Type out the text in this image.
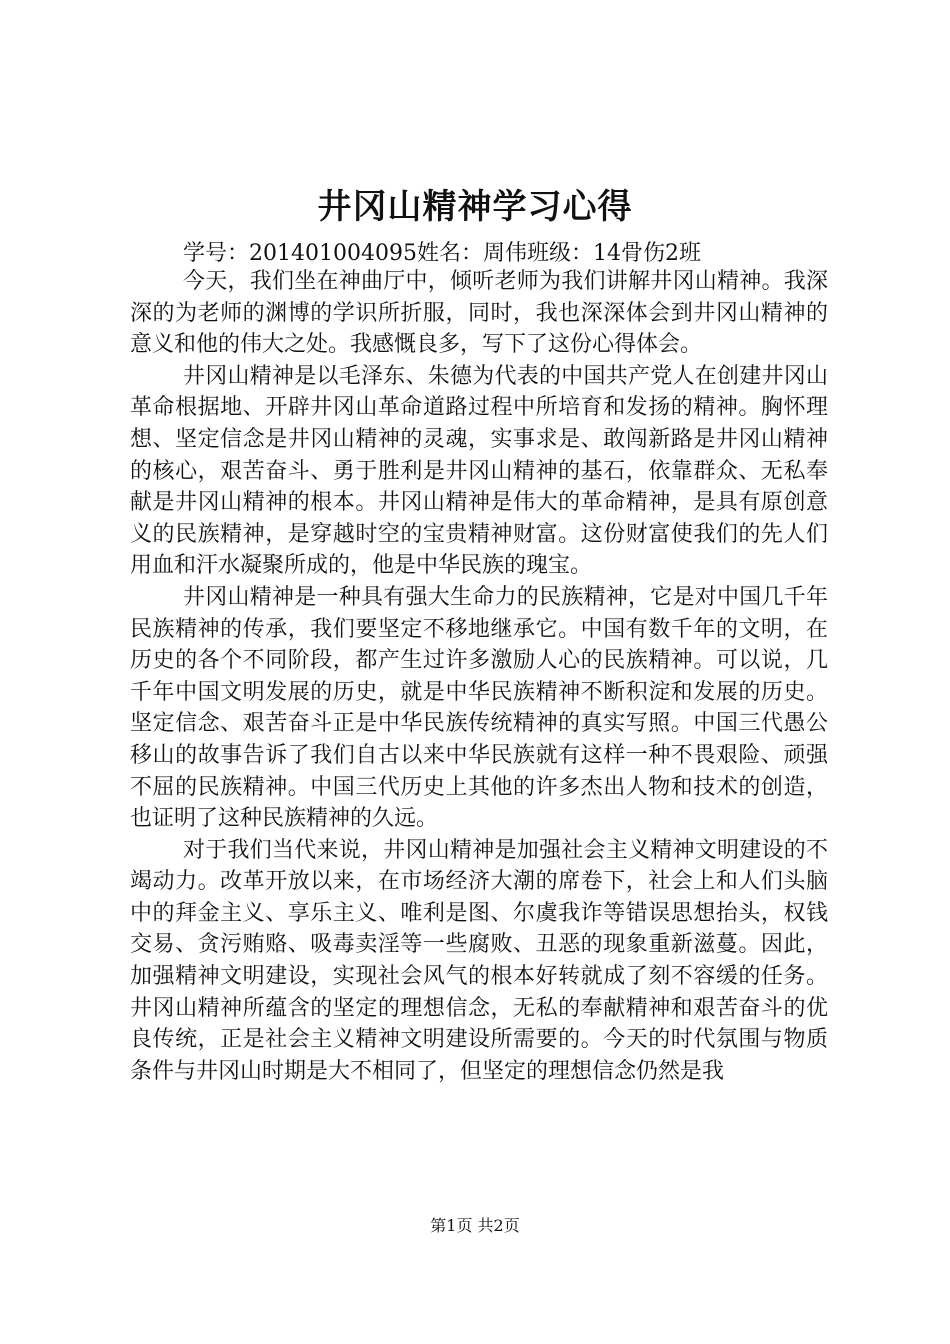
井冈山精神学习心得
学号：201401004095姓名：周伟班级：14骨伤2班

今天，我们坐在神曲厅中，倾听老师为我们讲解井冈山精神。我深深的为老师的渊博的学识所折服，同时，我也深深体会到井冈山精神的意义和他的伟大之处。我感慨良多，写下了这份心得体会。

井冈山精神是以毛泽东、朱德为代表的中国共产党人在创建井冈山革命根据地、开辟井冈山革命道路过程中所培育和发扬的精神。胸怀理想、坚定信念是井冈山精神的灵魂，实事求是、敢闯新路是井冈山精神的核心，艰苦奋斗、勇于胜利是井冈山精神的基石，依靠群众、无私奉献是井冈山精神的根本。井冈山精神是伟大的革命精神，是具有原创意义的民族精神，是穿越时空的宝贵精神财富。这份财富使我们的先人们用血和汗水凝聚所成的，他是中华民族的瑰宝。

井冈山精神是一种具有强大生命力的民族精神，它是对中国几千年民族精神的传承，我们要坚定不移地继承它。中国有数千年的文明，在历史的各个不同阶段，都产生过许多激励人心的民族精神。可以说，几千年中国文明发展的历史，就是中华民族精神不断积淀和发展的历史。坚定信念、艰苦奋斗正是中华民族传统精神的真实写照。中国三代愚公移山的故事告诉了我们自古以来中华民族就有这样一种不畏艰险、顽强不屈的民族精神。中国三代历史上其他的许多杰出人物和技术的创造，也证明了这种民族精神的久远。

对于我们当代来说，井冈山精神是加强社会主义精神文明建设的不竭动力。改革开放以来，在市场经济大潮的席卷下，社会上和人们头脑中的拜金主义、享乐主义、唯利是图、尔虞我诈等错误思想抬头，权钱交易、贪污贿赂、吸毒卖淫等一些腐败、丑恶的现象重新滋蔓。因此，加强精神文明建设，实现社会风气的根本好转就成了刻不容缓的任务。井冈山精神所蕴含的坚定的理想信念，无私的奉献精神和艰苦奋斗的优良传统，正是社会主义精神文明建设所需要的。今天的时代氛围与物质条件与井冈山时期是大不相同了，但坚定的理想信念仍然是我

第1页 共2页
